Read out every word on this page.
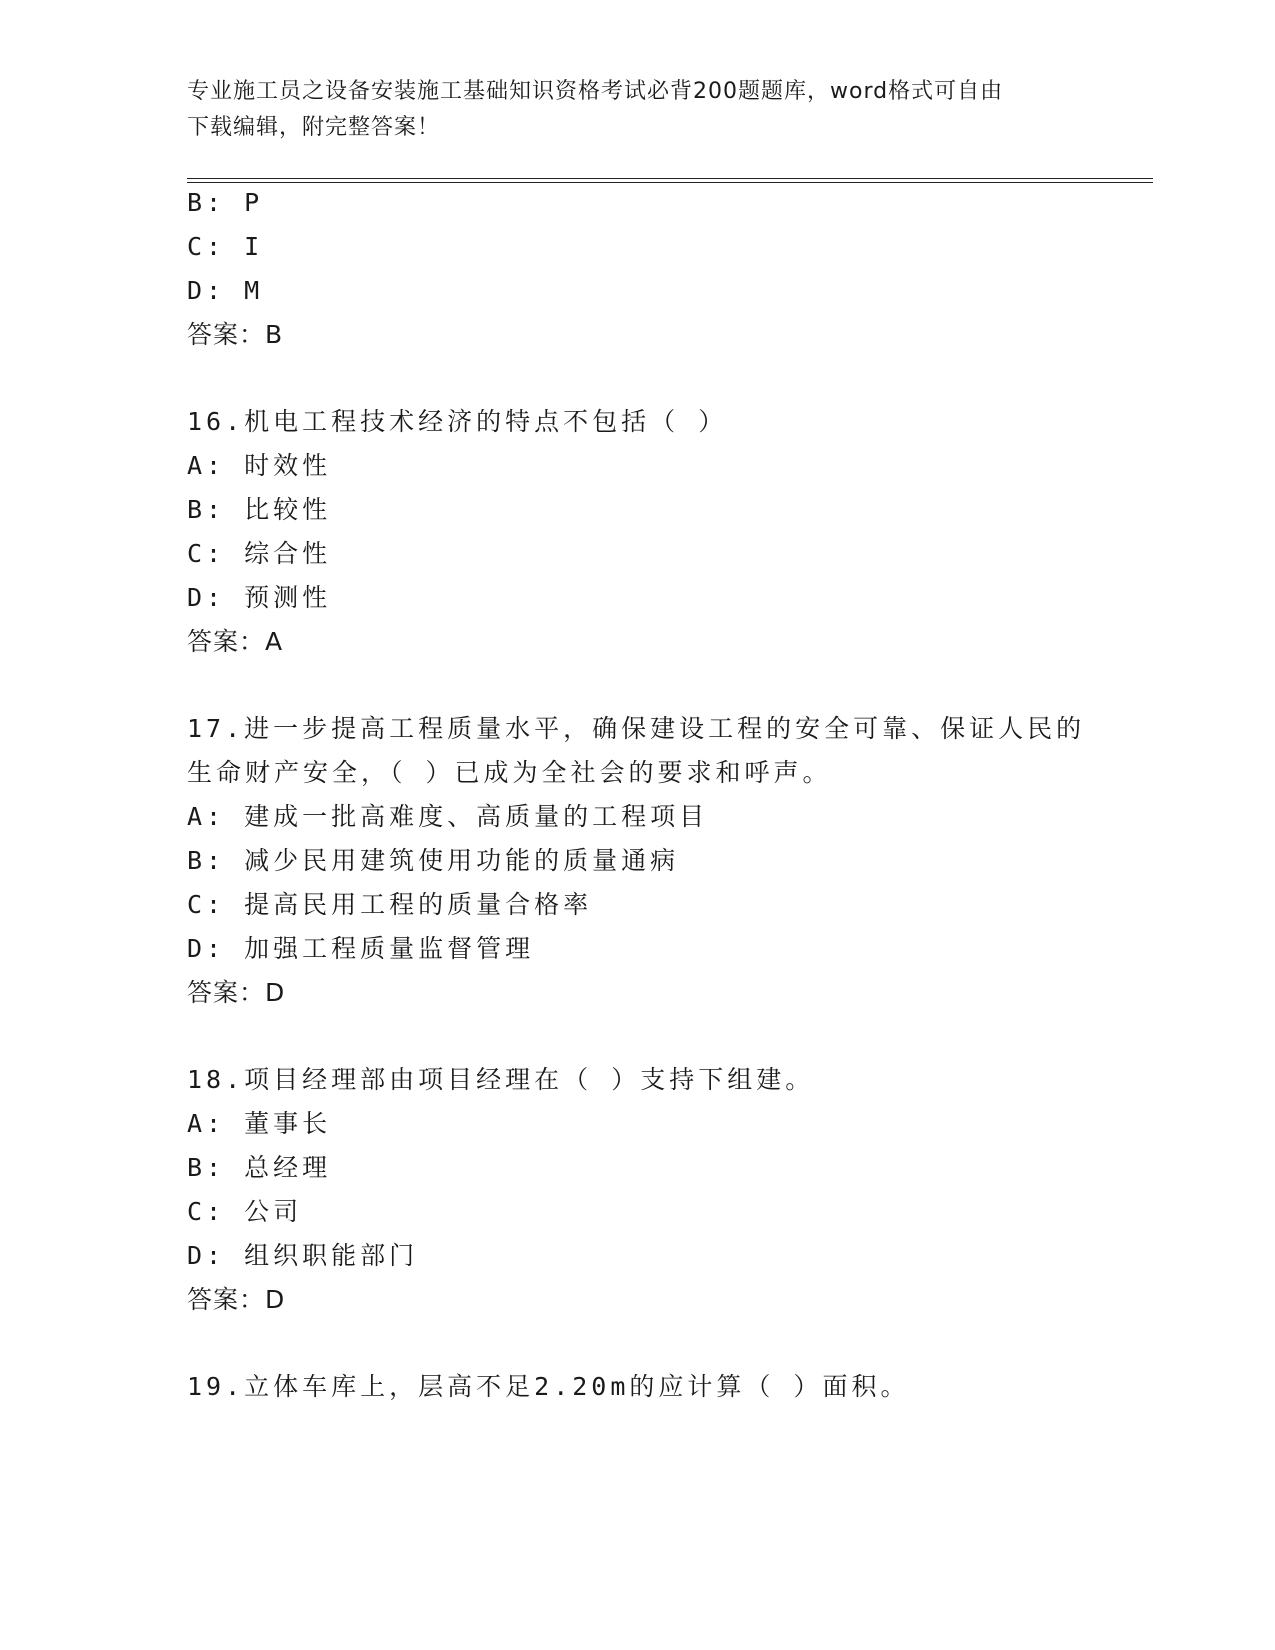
专业施工员之设备安装施工基础知识资格考试必背200题题库，word格式可自由
下载编辑，附完整答案！
B: P
C: I
D: M
答案：B
16.机电工程技术经济的特点不包括（ ）
A: 时效性
B: 比较性
C: 综合性
D: 预测性
答案：A
17.进一步提高工程质量水平，确保建设工程的安全可靠、保证人民的
生命财产安全，（ ）已成为全社会的要求和呼声。
A: 建成一批高难度、高质量的工程项目
B: 减少民用建筑使用功能的质量通病
C: 提高民用工程的质量合格率
D: 加强工程质量监督管理
答案：D
18.项目经理部由项目经理在（ ）支持下组建。
A: 董事长
B: 总经理
C: 公司
D: 组织职能部门
答案：D
19.立体车库上，层高不足2.20m的应计算（ ）面积。
